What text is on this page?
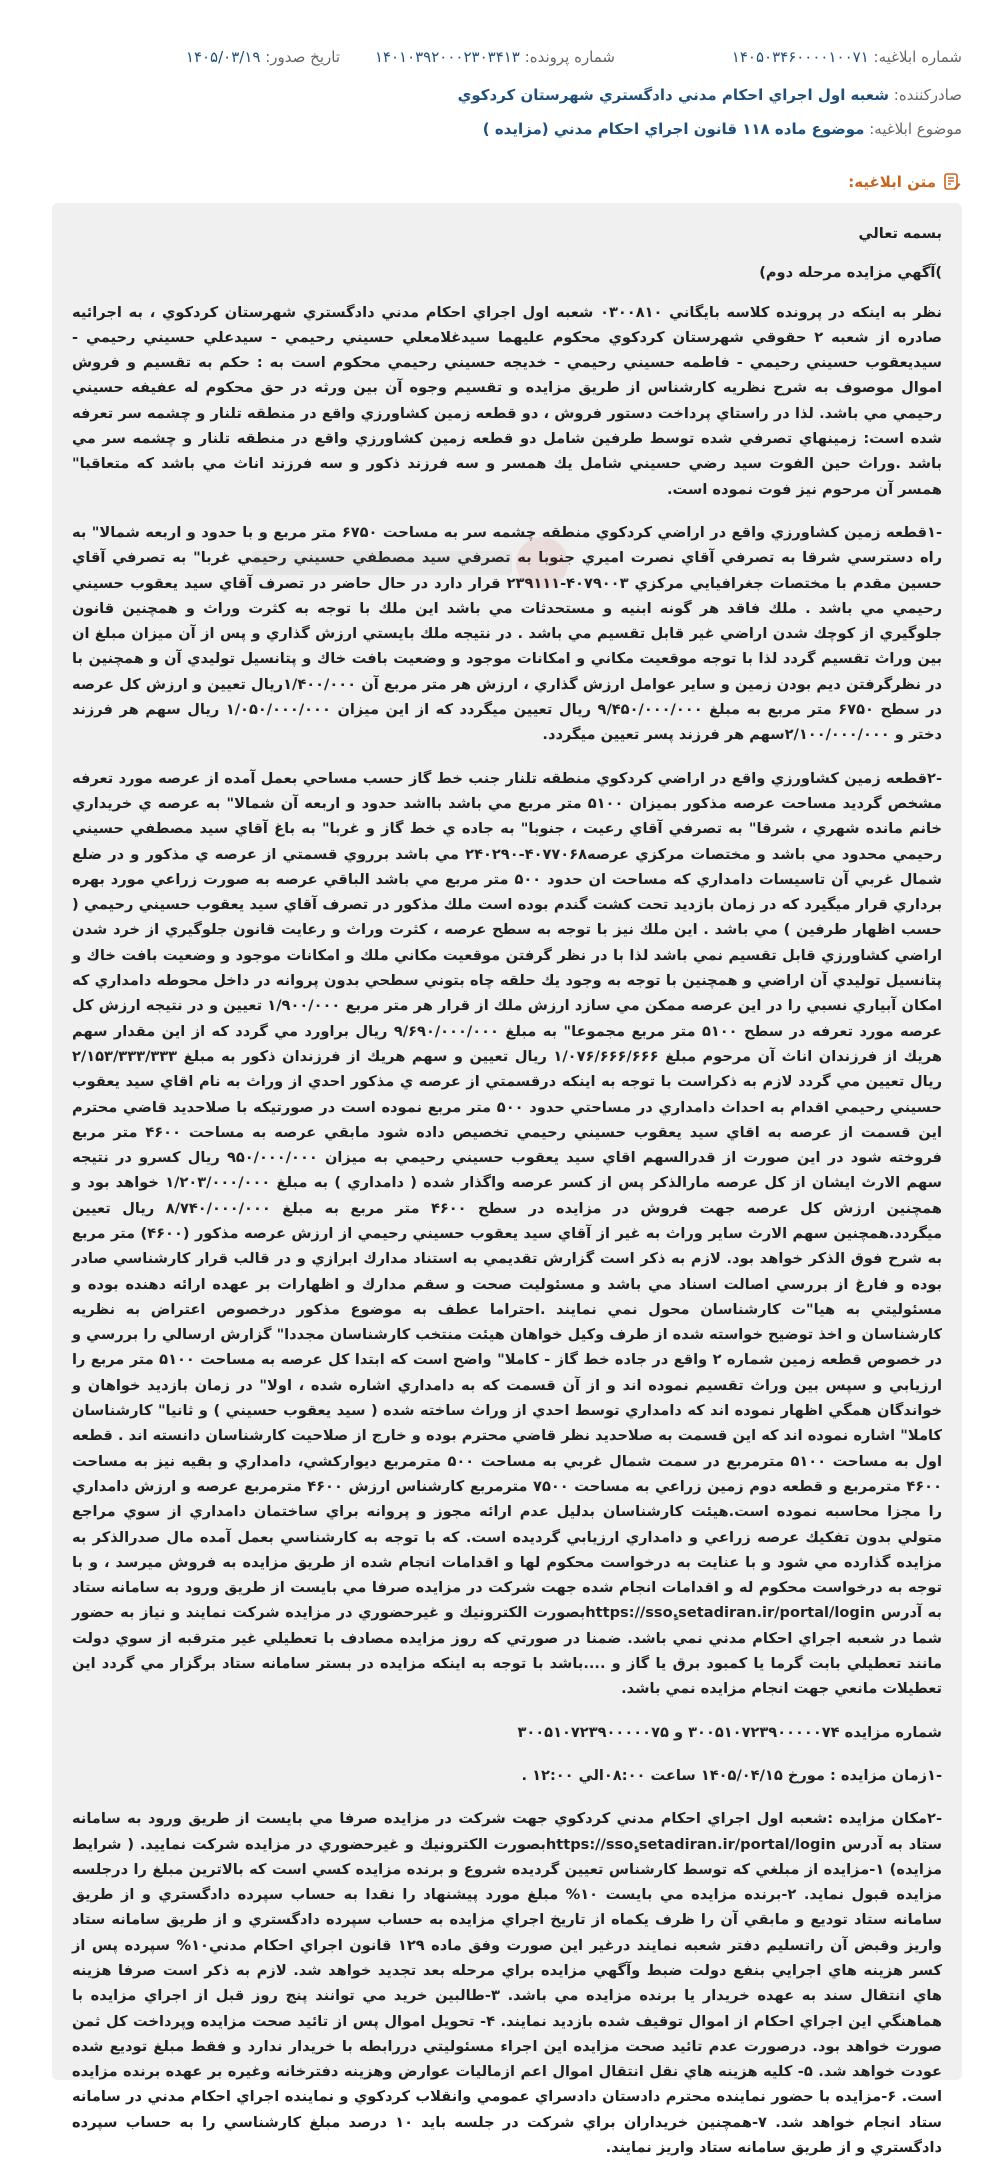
شماره ابلاغيه: ۱۴۰۵۰۳۴۶۰۰۰۰۱۰۰۷۱
شماره پرونده: ۱۴۰۱۰۳۹۲۰۰۰۲۳۰۳۴۱۳
تاريخ صدور: ۱۴۰۵/۰۳/۱۹
صادرکننده: شعبه اول اجراي احكام مدني دادگستري شهرستان كردكوي
موضوع ابلاغيه: موضوع ماده ۱۱۸ قانون اجراي احكام مدني (مزايده )
متن ابلاغيه:

بسمه تعالي

)آگهي مزايده مرحله دوم)

نظر به اينكه در پرونده كلاسه بايگاني ۰۳۰۰۸۱۰ شعبه اول اجراي احكام مدني دادگستري شهرستان كردكوي ، به اجرائيه صادره از شعبه ۲ حقوقي شهرستان كردكوي محكوم عليهما سيدغلامعلي حسيني رحيمي - سيدعلي حسيني رحيمي - سيديعقوب حسيني رحيمي - فاطمه حسيني رحيمي - خديجه حسيني رحيمي محكوم است به : حكم به تقسيم و فروش اموال موصوف به شرح نظريه كارشناس از طريق مزايده و تقسيم وجوه آن بين ورثه در حق محكوم له عفيفه حسيني رحيمي مي باشد. لذا در راستاي پرداخت دستور فروش ، دو قطعه زمين كشاورزي واقع در منطقه تلنار و چشمه سر تعرفه شده است: زمينهاي تصرفي شده توسط طرفين شامل دو قطعه زمين كشاورزي واقع در منطقه تلنار و چشمه سر مي باشد .وراث حين الفوت سيد رضي حسيني شامل يك همسر و سه فرزند ذكور و سه فرزند اناث مي باشد كه متعاقبا" همسر آن مرحوم نيز فوت نموده است.

-۱قطعه زمين كشاورزي واقع در اراضي كردكوي منطقه چشمه سر به مساحت ۶۷۵۰ متر مربع و با حدود و اربعه شمالا" به راه دسترسي شرقا به تصرفي آقاي نصرت اميري جنوبا به تصرفي سيد مصطفي حسيني رحيمي غربا" به تصرفي آقاي حسين مقدم با مختصات جغرافيايي مركزي ۴۰۷۹۰۰۳-۲۳۹۱۱۱ قرار دارد در حال حاضر در تصرف آقاي سيد يعقوب حسيني رحيمي مي باشد . ملك فاقد هر گونه ابنيه و مستحدثات مي باشد اين ملك با توجه به كثرت وراث و همچنين قانون جلوگيري از كوچك شدن اراضي غير قابل تقسيم مي باشد . در نتيجه ملك بايستي ارزش گذاري و پس از آن ميزان مبلغ ان بين وراث تقسيم گردد لذا با توجه موقعيت مكاني و امكانات موجود و وضعيت بافت خاك و پتانسيل توليدي آن و همچنين با در نظرگرفتن ديم بودن زمين و ساير عوامل ارزش گذاري ، ارزش هر متر مربع آن ۱/۴۰۰/۰۰۰ريال تعيين و ارزش كل عرصه در سطح ۶۷۵۰ متر مربع به مبلغ ۹/۴۵۰/۰۰۰/۰۰۰ ريال تعيين ميگردد كه از اين ميزان ۱/۰۵۰/۰۰۰/۰۰۰ ريال سهم هر فرزند دختر و ۲/۱۰۰/۰۰۰/۰۰۰سهم هر فرزند پسر تعيين ميگردد.

-۲قطعه زمين كشاورزي واقع در اراضي كردكوي منطقه تلنار جنب خط گاز حسب مساحي بعمل آمده از عرصه مورد تعرفه مشخص گرديد مساحت عرصه مذكور بميزان ۵۱۰۰ متر مربع مي باشد بااشد حدود و اربعه آن شمالا" به عرصه ي خريداري خانم مانده شهري ، شرقا" به تصرفي آقاي رعيت ، جنوبا" به جاده ي خط گاز و غربا" به باغ آقاي سيد مصطفي حسيني رحيمي محدود مي باشد و مختصات مركزي عرصه۴۰۷۷۰۶۸-۲۴۰۲۹۰ مي باشد برروي قسمتي از عرصه ي مذكور و در ضلع شمال غربي آن تاسيسات دامداري كه مساحت ان حدود ۵۰۰ متر مربع مي باشد الباقي عرصه به صورت زراعي مورد بهره برداري قرار ميگيرد كه در زمان بازديد تحت كشت گندم بوده است ملك مذكور در تصرف آقاي سيد يعقوب حسيني رحيمي ( حسب اظهار طرفين ) مي باشد . اين ملك نيز با توجه به سطح عرصه ، كثرت وراث و رعايت قانون جلوگيري از خرد شدن اراضي كشاورزي قابل تقسيم نمي باشد لذا با در نظر گرفتن موقعيت مكاني ملك و امكانات موجود و وضعيت بافت خاك و پتانسيل توليدي آن اراضي و همچنين با توجه به وجود يك حلقه چاه بتوني سطحي بدون پروانه در داخل محوطه دامداري كه امكان آبياري نسبي را در اين عرصه ممكن مي سازد ارزش ملك از قرار هر متر مربع ۱/۹۰۰/۰۰۰ تعيين و در نتيجه ارزش كل عرصه مورد تعرفه در سطح ۵۱۰۰ متر مربع مجموعا" به مبلغ ۹/۶۹۰/۰۰۰/۰۰۰ ريال براورد مي گردد كه از اين مقدار سهم هريك از فرزندان اناث آن مرحوم مبلغ ۱/۰۷۶/۶۶۶/۶۶۶ ريال تعيين و سهم هريك از فرزندان ذكور به مبلغ ۲/۱۵۳/۳۳۳/۳۳۳ ريال تعيين مي گردد لازم به ذكراست با توجه به اينكه درقسمتي از عرصه ي مذكور احدي از وراث به نام اقاي سيد يعقوب حسيني رحيمي اقدام به احداث دامداري در مساحتي حدود ۵۰۰ متر مربع نموده است در صورتيكه با صلاحديد قاضي محترم اين قسمت از عرصه به اقاي سيد يعقوب حسيني رحيمي تخصيص داده شود مابقي عرصه به مساحت ۴۶۰۰ متر مربع فروخته شود در اين صورت از قدرالسهم اقاي سيد يعقوب حسيني رحيمي به ميزان ۹۵۰/۰۰۰/۰۰۰ ريال كسرو در نتيجه سهم الارث ايشان از كل عرصه مارالذكر پس از كسر عرصه واگذار شده ( دامداري ) به مبلغ ۱/۲۰۳/۰۰۰/۰۰۰ خواهد بود و همچنين ارزش كل عرصه جهت فروش در مزايده در سطح ۴۶۰۰ متر مربع به مبلغ ۸/۷۴۰/۰۰۰/۰۰۰ ريال تعيين ميگردد.همچنين سهم الارث ساير وراث به غير از آقاي سيد يعقوب حسيني رحيمي از ارزش عرصه مذكور (۴۶۰۰) متر مربع به شرح فوق الذكر خواهد بود. لازم به ذكر است گزارش تقديمي به استناد مدارك ابرازي و در قالب قرار كارشناسي صادر بوده و فارغ از بررسي اصالت اسناد مي باشد و مسئوليت صحت و سقم مدارك و اظهارات بر عهده ارائه دهنده بوده و مسئوليتي به هيا"ت كارشناسان محول نمي نمايند .احتراما عطف به موضوع مذكور درخصوص اعتراض به نظريه كارشناسان و اخذ توضيح خواسته شده از طرف وكيل خواهان هيئت منتخب كارشناسان مجددا" گزارش ارسالي را بررسي و در خصوص قطعه زمين شماره ۲ واقع در جاده خط گاز - كاملا" واضح است كه ابتدا كل عرصه به مساحت ۵۱۰۰ متر مربع را ارزيابي و سپس بين وراث تقسيم نموده اند و از آن قسمت كه به دامداري اشاره شده ، اولا" در زمان بازديد خواهان و خواندگان همگي اظهار نموده اند كه دامداري توسط احدي از وراث ساخته شده ( سيد يعقوب حسيني ) و ثانيا" كارشناسان كاملا" اشاره نموده اند كه اين قسمت به صلاحديد نظر قاضي محترم بوده و خارج از صلاحيت كارشناسان دانسته اند . قطعه اول به مساحت ۵۱۰۰ مترمربع در سمت شمال غربي به مساحت ۵۰۰ مترمربع ديواركشي، دامداري و بقيه نيز به مساحت ۴۶۰۰ مترمربع و قطعه دوم زمين زراعي به مساحت ۷۵۰۰ مترمربع كارشناس ارزش ۴۶۰۰ مترمربع عرصه و ارزش دامداري را مجزا محاسبه نموده است.هيئت كارشناسان بدليل عدم ارائه مجوز و پروانه براي ساختمان دامداري از سوي مراجع متولي بدون تفكيك عرصه زراعي و دامداري ارزيابي گرديده است. كه با توجه به كارشناسي بعمل آمده مال صدرالذكر به مزايده گذارده مي شود و با عنايت به درخواست محكوم لها و اقدامات انجام شده از طريق مزايده به فروش ميرسد ، و با توجه به درخواست محكوم له و اقدامات انجام شده جهت شركت در مزايده صرفا مي بايست از طريق ورود به سامانه ستاد به آدرس https://ssoٍ.setadiran.ir/portal/loginبصورت الكترونيك و غيرحضوري در مزايده شركت نمايند و نياز به حضور شما در شعبه اجراي احكام مدني نمي باشد. ضمنا در صورتي كه روز مزايده مصادف با تعطيلي غير مترقبه از سوي دولت مانند تعطيلي بابت گرما يا كمبود برق يا گاز و ....باشد با توجه به اينكه مزايده در بستر سامانه ستاد برگزار مي گردد اين تعطيلات مانعي جهت انجام مزايده نمي باشد.

شماره مزايده ۳۰۰۵۱۰۷۲۳۹۰۰۰۰۰۷۴ و ۳۰۰۵۱۰۷۲۳۹۰۰۰۰۰۷۵

-۱زمان مزايده : مورخ ۱۴۰۵/۰۴/۱۵ ساعت ۰۸:۰۰الي ۱۲:۰۰ .

-۲مكان مزايده :شعبه اول اجراي احكام مدني كردكوي جهت شركت در مزايده صرفا مي بايست از طريق ورود به سامانه ستاد به آدرس https://ssoٍ.setadiran.ir/portal/loginبصورت الكترونيك و غيرحضوري در مزايده شركت نماييد. ( شرايط مزايده) ۱-مزايده از مبلغي كه توسط كارشناس تعيين گرديده شروع و برنده مزايده كسي است كه بالاترين مبلغ را درجلسه مزايده قبول نمايد. ۲-برنده مزايده مي بايست ۱۰% مبلغ مورد پيشنهاد را نقدا به حساب سپرده دادگستري و از طريق سامانه ستاد توديع و مابقي آن را ظرف يكماه از تاريخ اجراي مزايده به حساب سپرده دادگستري و از طريق سامانه ستاد واريز وقبض آن راتسليم دفتر شعبه نمايند درغير اين صورت وفق ماده ۱۲۹ قانون اجراي احكام مدني۱۰% سپرده پس از كسر هزينه هاي اجرايي بنفع دولت ضبط وآگهي مزايده براي مرحله بعد تجديد خواهد شد. لازم به ذكر است صرفا هزينه هاي انتقال سند به عهده خريدار يا برنده مزايده مي باشد. ۳-طالبين خريد مي توانند پنج روز قبل از اجراي مزايده با هماهنگي اين اجراي احكام از اموال توقيف شده بازديد نمايند. ۴- تحويل اموال پس از تائيد صحت مزايده وپرداخت كل ثمن صورت خواهد بود. درصورت عدم تائيد صحت مزايده اين اجراء مسئوليتي دررابطه با خريدار ندارد و فقط مبلغ توديع شده عودت خواهد شد. ۵- كليه هزينه هاي نقل انتقال اموال اعم ازماليات عوارض وهزينه دفترخانه وغيره بر عهده برنده مزايده است. ۶-مزايده با حضور نماينده محترم دادستان دادسراي عمومي وانقلاب كردكوي و نماينده اجراي احكام مدني در سامانه ستاد انجام خواهد شد. ۷-همچنين خريداران براي شركت در جلسه بايد ۱۰ درصد مبلغ كارشناسي را به حساب سپرده دادگستري و از طريق سامانه ستاد واريز نمايند.
